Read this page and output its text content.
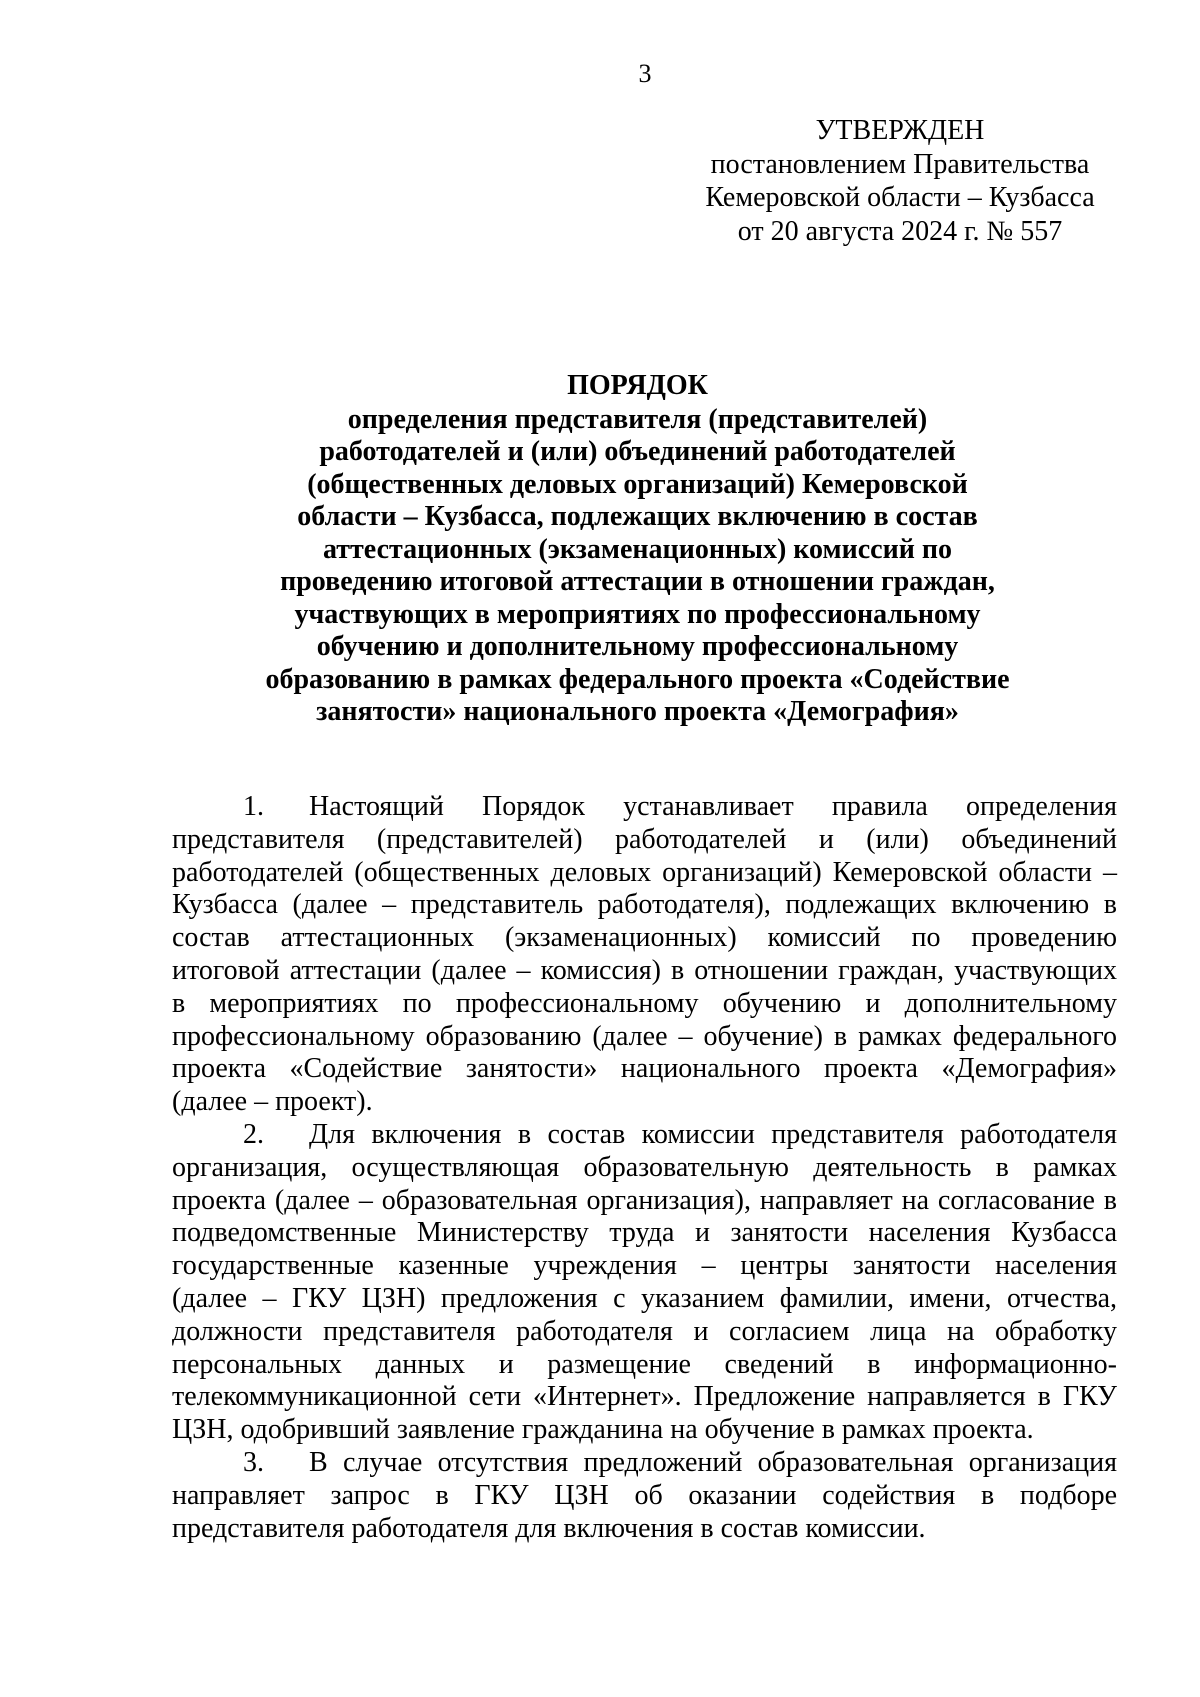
3
УТВЕРЖДЕН
постановлением Правительства
Кемеровской области – Кузбасса
от 20 августа 2024 г. № 557
ПОРЯДОК
определения представителя (представителей)
работодателей и (или) объединений работодателей
(общественных деловых организаций) Кемеровской
области – Кузбасса, подлежащих включению в состав
аттестационных (экзаменационных) комиссий по
проведению итоговой аттестации в отношении граждан,
участвующих в мероприятиях по профессиональному
обучению и дополнительному профессиональному
образованию в рамках федерального проекта «Содействие
занятости» национального проекта «Демография»
1. Настоящий Порядок устанавливает правила определения
представителя (представителей) работодателей и (или) объединений
работодателей (общественных деловых организаций) Кемеровской области –
Кузбасса (далее – представитель работодателя), подлежащих включению в
состав аттестационных (экзаменационных) комиссий по проведению
итоговой аттестации (далее – комиссия) в отношении граждан, участвующих
в мероприятиях по профессиональному обучению и дополнительному
профессиональному образованию (далее – обучение) в рамках федерального
проекта «Содействие занятости» национального проекта «Демография»
(далее – проект).
2. Для включения в состав комиссии представителя работодателя
организация, осуществляющая образовательную деятельность в рамках
проекта (далее – образовательная организация), направляет на согласование в
подведомственные Министерству труда и занятости населения Кузбасса
государственные казенные учреждения – центры занятости населения
(далее – ГКУ ЦЗН) предложения с указанием фамилии, имени, отчества,
должности представителя работодателя и согласием лица на обработку
персональных данных и размещение сведений в информационно-
телекоммуникационной сети «Интернет». Предложение направляется в ГКУ
ЦЗН, одобривший заявление гражданина на обучение в рамках проекта.
3. В случае отсутствия предложений образовательная организация
направляет запрос в ГКУ ЦЗН об оказании содействия в подборе
представителя работодателя для включения в состав комиссии.
